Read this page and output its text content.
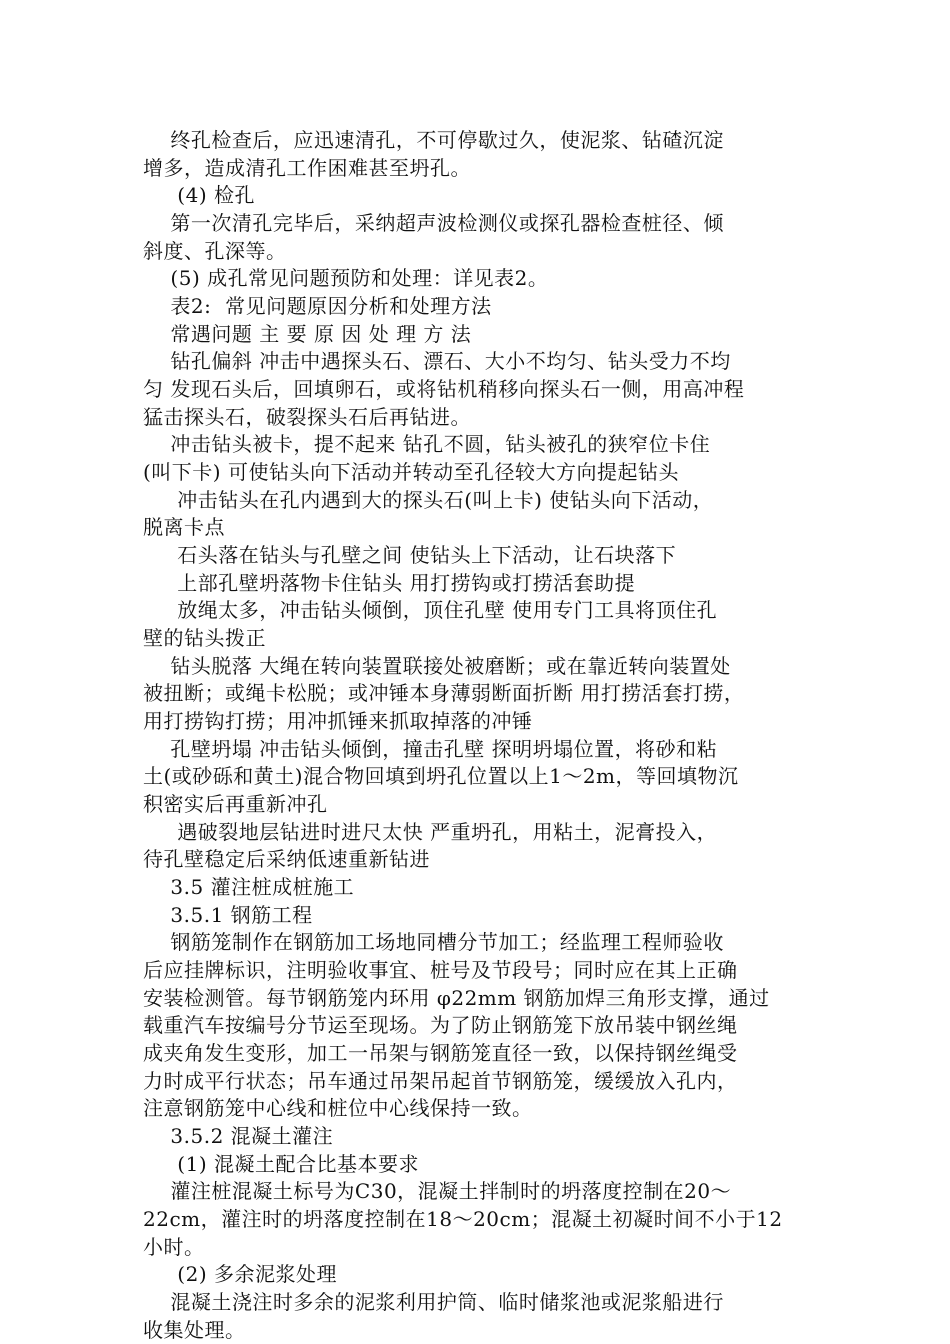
终孔检查后，应迅速清孔，不可停歇过久，使泥浆、钻碴沉淀
增多，造成清孔工作困难甚至坍孔。
(4) 检孔
第一次清孔完毕后，采纳超声波检测仪或探孔器检查桩径、倾
斜度、孔深等。
(5) 成孔常见问题预防和处理：详见表2。
表2:  常见问题原因分析和处理方法
常遇问题 主 要 原 因 处 理 方 法
钻孔偏斜 冲击中遇探头石、漂石、大小不均匀、钻头受力不均
匀 发现石头后，回填卵石，或将钻机稍移向探头石一侧，用高冲程
猛击探头石，破裂探头石后再钻进。
冲击钻头被卡，提不起来 钻孔不圆，钻头被孔的狭窄位卡住
(叫下卡) 可使钻头向下活动并转动至孔径较大方向提起钻头
冲击钻头在孔内遇到大的探头石(叫上卡) 使钻头向下活动，
脱离卡点
石头落在钻头与孔壁之间 使钻头上下活动，让石块落下
上部孔壁坍落物卡住钻头 用打捞钩或打捞活套助提
放绳太多，冲击钻头倾倒，顶住孔壁 使用专门工具将顶住孔
壁的钻头拨正
钻头脱落 大绳在转向装置联接处被磨断；或在靠近转向装置处
被扭断；或绳卡松脱；或冲锤本身薄弱断面折断 用打捞活套打捞，
用打捞钩打捞；用冲抓锤来抓取掉落的冲锤
孔壁坍塌 冲击钻头倾倒，撞击孔壁 探明坍塌位置，将砂和粘
土(或砂砾和黄土)混合物回填到坍孔位置以上1～2m，等回填物沉
积密实后再重新冲孔
遇破裂地层钻进时进尺太快 严重坍孔，用粘土，泥膏投入，
待孔壁稳定后采纳低速重新钻进
3.5 灌注桩成桩施工
3.5.1 钢筋工程
钢筋笼制作在钢筋加工场地同槽分节加工；经监理工程师验收
后应挂牌标识，注明验收事宜、桩号及节段号；同时应在其上正确
安装检测管。每节钢筋笼内环用 φ22mm 钢筋加焊三角形支撑，通过
载重汽车按编号分节运至现场。为了防止钢筋笼下放吊装中钢丝绳
成夹角发生变形，加工一吊架与钢筋笼直径一致，以保持钢丝绳受
力时成平行状态；吊车通过吊架吊起首节钢筋笼，缓缓放入孔内，
注意钢筋笼中心线和桩位中心线保持一致。
3.5.2 混凝土灌注
(1) 混凝土配合比基本要求
灌注桩混凝土标号为C30，混凝土拌制时的坍落度控制在20～
22cm，灌注时的坍落度控制在18～20cm；混凝土初凝时间不小于12
小时。
(2) 多余泥浆处理
混凝土浇注时多余的泥浆利用护筒、临时储浆池或泥浆船进行
收集处理。
